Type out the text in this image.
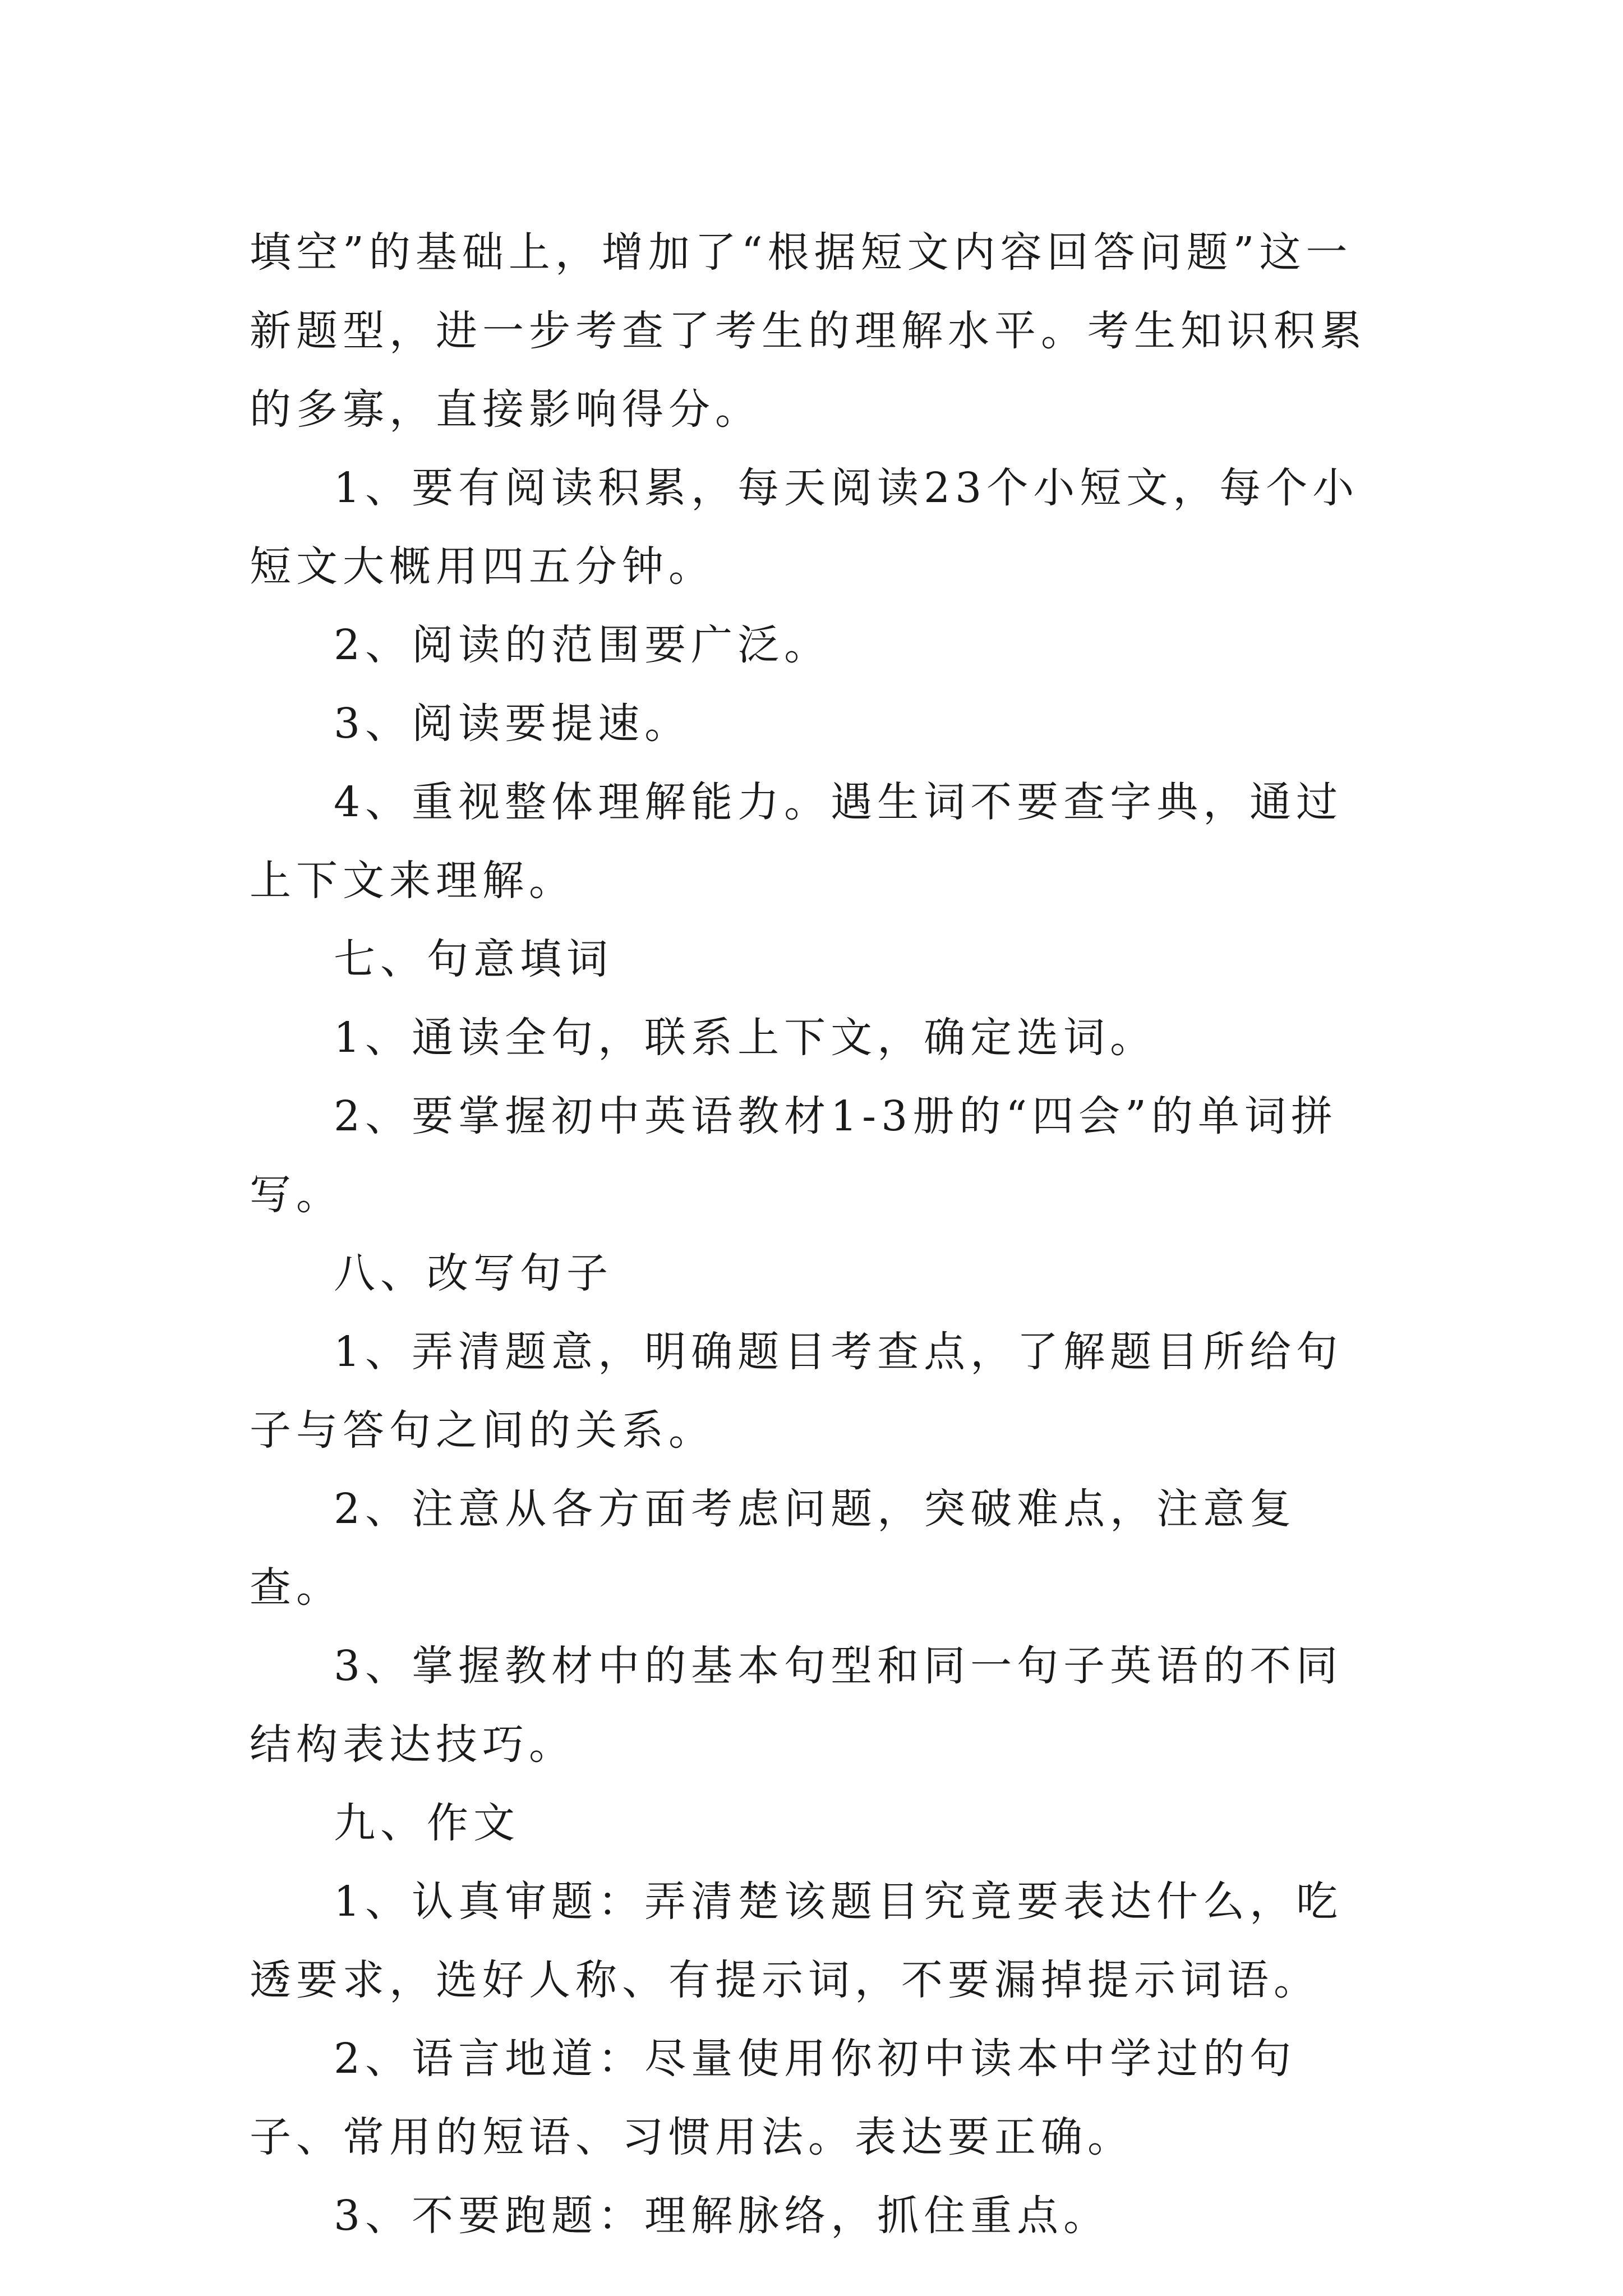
填空”的基础上，增加了“根据短文内容回答问题”这一新题型，进一步考查了考生的理解水平。考生知识积累的多寡，直接影响得分。

1、要有阅读积累，每天阅读23个小短文，每个小短文大概用四五分钟。

2、阅读的范围要广泛。

3、阅读要提速。

4、重视整体理解能力。遇生词不要查字典，通过上下文来理解。

七、句意填词

1、通读全句，联系上下文，确定选词。

2、要掌握初中英语教材1-3册的“四会”的单词拼写。

八、改写句子

1、弄清题意，明确题目考查点，了解题目所给句子与答句之间的关系。

2、注意从各方面考虑问题，突破难点，注意复查。

3、掌握教材中的基本句型和同一句子英语的不同结构表达技巧。

九、作文

1、认真审题：弄清楚该题目究竟要表达什么，吃透要求，选好人称、有提示词，不要漏掉提示词语。

2、语言地道：尽量使用你初中读本中学过的句子、常用的短语、习惯用法。表达要正确。

3、不要跑题：理解脉络，抓住重点。
